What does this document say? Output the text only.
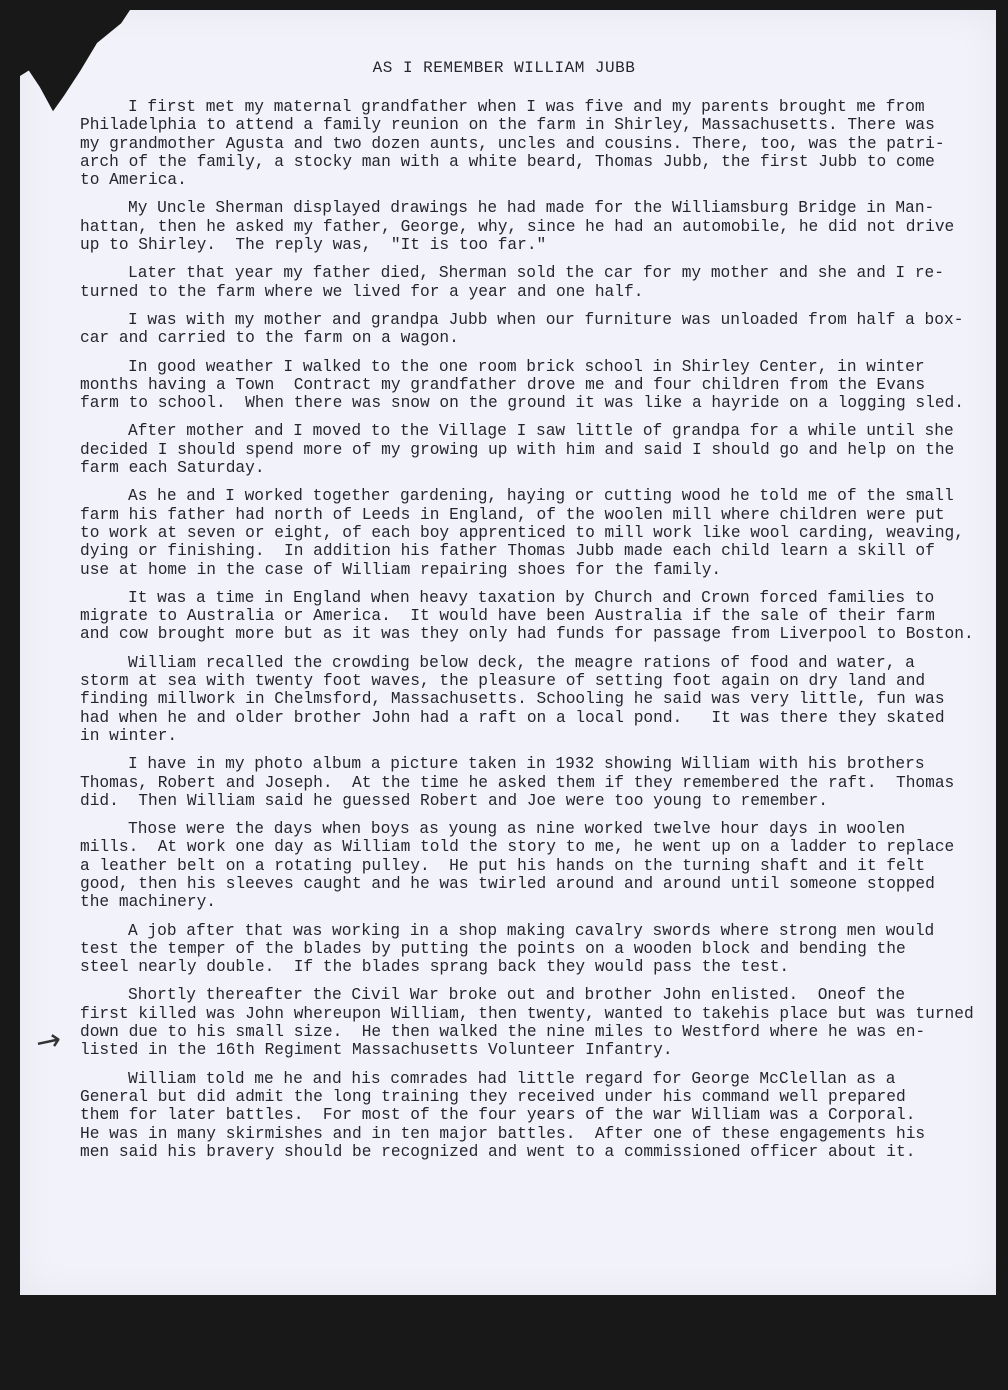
AS I REMEMBER WILLIAM JUBB
→
I first met my maternal grandfather when I was five and my parents brought me from
Philadelphia to attend a family reunion on the farm in Shirley, Massachusetts. There was
my grandmother Agusta and two dozen aunts, uncles and cousins. There, too, was the patri-
arch of the family, a stocky man with a white beard, Thomas Jubb, the first Jubb to come
to America.
My Uncle Sherman displayed drawings he had made for the Williamsburg Bridge in Man-
hattan, then he asked my father, George, why, since he had an automobile, he did not drive
up to Shirley.  The reply was,  "It is too far."
Later that year my father died, Sherman sold the car for my mother and she and I re-
turned to the farm where we lived for a year and one half.
I was with my mother and grandpa Jubb when our furniture was unloaded from half a box-
car and carried to the farm on a wagon.
In good weather I walked to the one room brick school in Shirley Center, in winter
months having a Town  Contract my grandfather drove me and four children from the Evans
farm to school.  When there was snow on the ground it was like a hayride on a logging sled.
After mother and I moved to the Village I saw little of grandpa for a while until she
decided I should spend more of my growing up with him and said I should go and help on the
farm each Saturday.
As he and I worked together gardening, haying or cutting wood he told me of the small
farm his father had north of Leeds in England, of the woolen mill where children were put
to work at seven or eight, of each boy apprenticed to mill work like wool carding, weaving,
dying or finishing.  In addition his father Thomas Jubb made each child learn a skill of
use at home in the case of William repairing shoes for the family.
It was a time in England when heavy taxation by Church and Crown forced families to
migrate to Australia or America.  It would have been Australia if the sale of their farm
and cow brought more but as it was they only had funds for passage from Liverpool to Boston.
William recalled the crowding below deck, the meagre rations of food and water, a
storm at sea with twenty foot waves, the pleasure of setting foot again on dry land and
finding millwork in Chelmsford, Massachusetts. Schooling he said was very little, fun was
had when he and older brother John had a raft on a local pond.   It was there they skated
in winter.
I have in my photo album a picture taken in 1932 showing William with his brothers
Thomas, Robert and Joseph.  At the time he asked them if they remembered the raft.  Thomas
did.  Then William said he guessed Robert and Joe were too young to remember.
Those were the days when boys as young as nine worked twelve hour days in woolen
mills.  At work one day as William told the story to me, he went up on a ladder to replace
a leather belt on a rotating pulley.  He put his hands on the turning shaft and it felt
good, then his sleeves caught and he was twirled around and around until someone stopped
the machinery.
A job after that was working in a shop making cavalry swords where strong men would
test the temper of the blades by putting the points on a wooden block and bending the
steel nearly double.  If the blades sprang back they would pass the test.
Shortly thereafter the Civil War broke out and brother John enlisted.  Oneof the
first killed was John whereupon William, then twenty, wanted to takehis place but was turned
down due to his small size.  He then walked the nine miles to Westford where he was en-
listed in the 16th Regiment Massachusetts Volunteer Infantry.
William told me he and his comrades had little regard for George McClellan as a
General but did admit the long training they received under his command well prepared
them for later battles.  For most of the four years of the war William was a Corporal.
He was in many skirmishes and in ten major battles.  After one of these engagements his
men said his bravery should be recognized and went to a commissioned officer about it.
